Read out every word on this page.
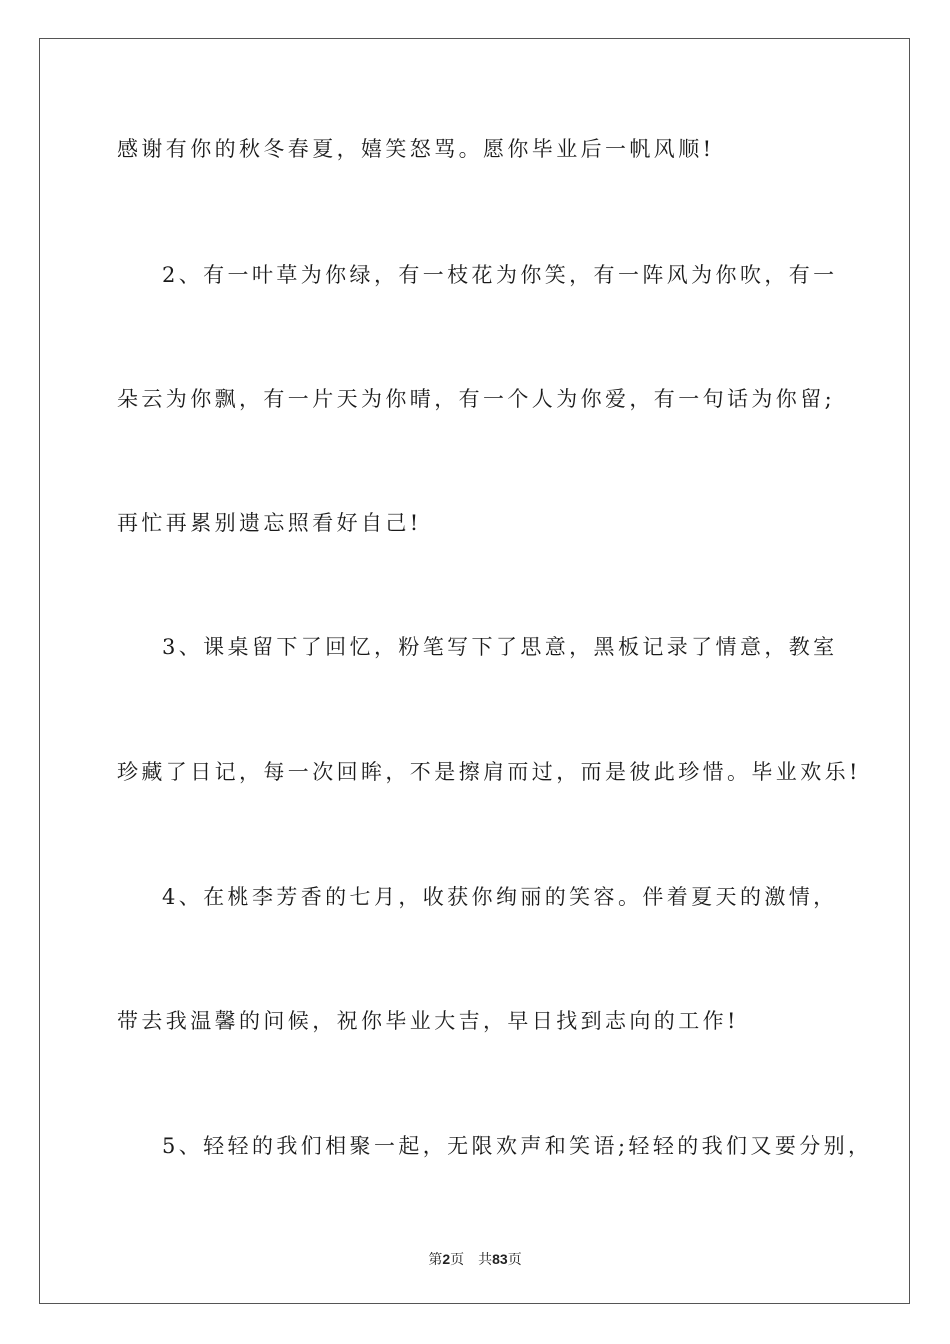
感谢有你的秋冬春夏，嬉笑怒骂。愿你毕业后一帆风顺!
2、有一叶草为你绿，有一枝花为你笑，有一阵风为你吹，有一
朵云为你飘，有一片天为你晴，有一个人为你爱，有一句话为你留;
再忙再累别遗忘照看好自己!
3、课桌留下了回忆，粉笔写下了思意，黑板记录了情意，教室
珍藏了日记，每一次回眸，不是擦肩而过，而是彼此珍惜。毕业欢乐!
4、在桃李芳香的七月，收获你绚丽的笑容。伴着夏天的激情，
带去我温馨的问候，祝你毕业大吉，早日找到志向的工作!
5、轻轻的我们相聚一起，无限欢声和笑语;轻轻的我们又要分别，
第2页 共83页
